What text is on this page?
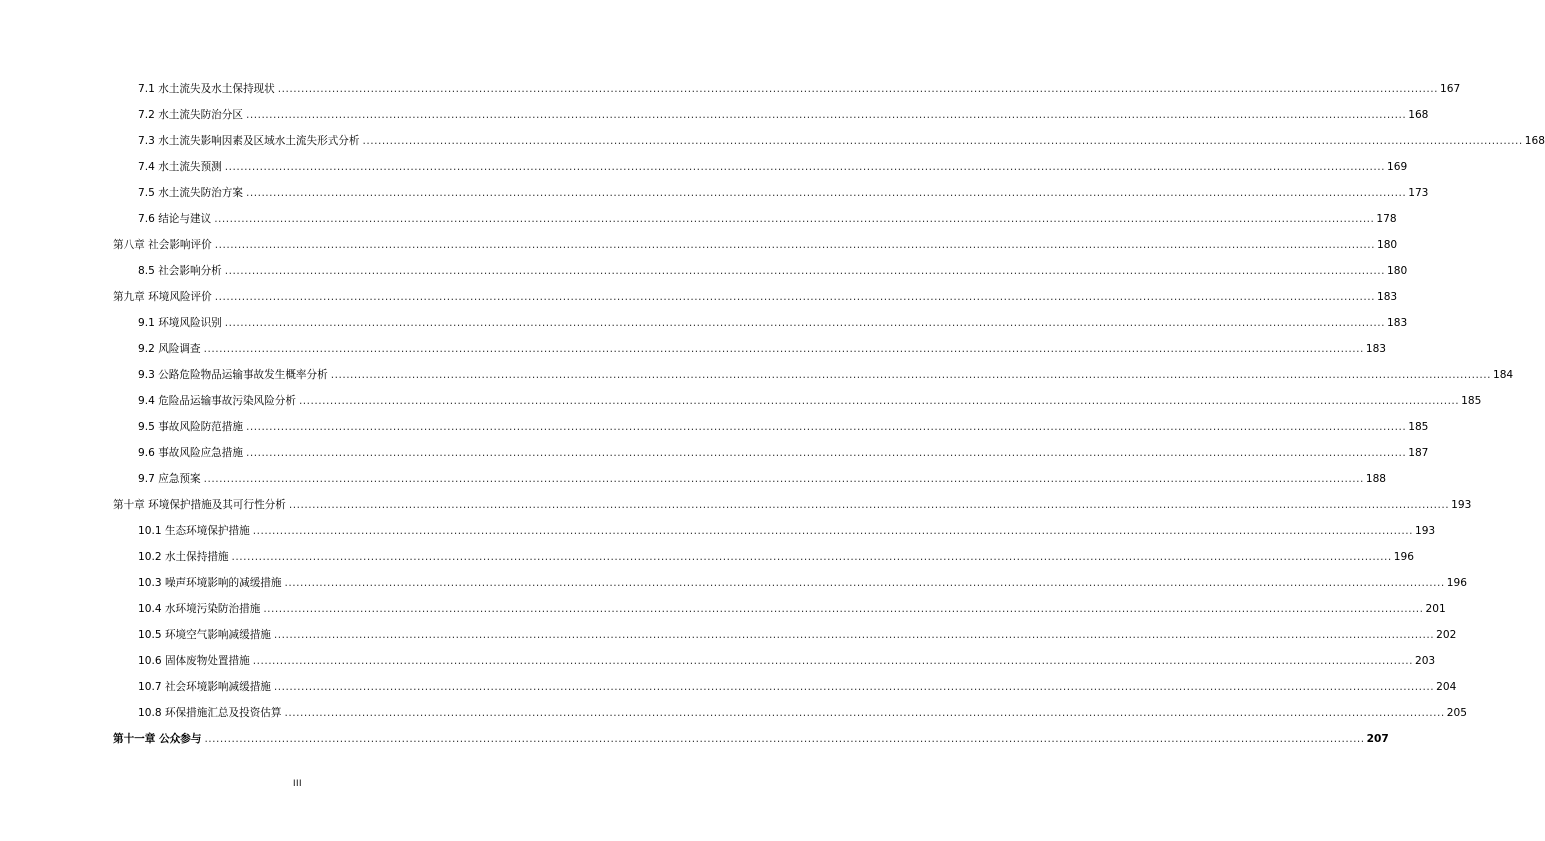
7.1 水土流失及水土保持现状 ............................................................................................................................................................................................................................................................................................................ 167
7.2 水土流失防治分区 ............................................................................................................................................................................................................................................................................................................ 168
7.3 水土流失影响因素及区域水土流失形式分析 ............................................................................................................................................................................................................................................................................................................ 168
7.4 水土流失预测 ............................................................................................................................................................................................................................................................................................................ 169
7.5 水土流失防治方案 ............................................................................................................................................................................................................................................................................................................ 173
7.6 结论与建议 ............................................................................................................................................................................................................................................................................................................ 178
第八章 社会影响评价 ............................................................................................................................................................................................................................................................................................................ 180
8.5 社会影响分析 ............................................................................................................................................................................................................................................................................................................ 180
第九章 环境风险评价 ............................................................................................................................................................................................................................................................................................................ 183
9.1 环境风险识别 ............................................................................................................................................................................................................................................................................................................ 183
9.2 风险调查 ............................................................................................................................................................................................................................................................................................................ 183
9.3 公路危险物品运输事故发生概率分析 ............................................................................................................................................................................................................................................................................................................ 184
9.4 危险品运输事故污染风险分析 ............................................................................................................................................................................................................................................................................................................ 185
9.5 事故风险防范措施 ............................................................................................................................................................................................................................................................................................................ 185
9.6 事故风险应急措施 ............................................................................................................................................................................................................................................................................................................ 187
9.7 应急预案 ............................................................................................................................................................................................................................................................................................................ 188
第十章 环境保护措施及其可行性分析 ............................................................................................................................................................................................................................................................................................................ 193
10.1 生态环境保护措施 ............................................................................................................................................................................................................................................................................................................ 193
10.2 水土保持措施 ............................................................................................................................................................................................................................................................................................................ 196
10.3 噪声环境影响的减缓措施 ............................................................................................................................................................................................................................................................................................................ 196
10.4 水环境污染防治措施 ............................................................................................................................................................................................................................................................................................................ 201
10.5 环境空气影响减缓措施 ............................................................................................................................................................................................................................................................................................................ 202
10.6 固体废物处置措施 ............................................................................................................................................................................................................................................................................................................ 203
10.7 社会环境影响减缓措施 ............................................................................................................................................................................................................................................................................................................ 204
10.8 环保措施汇总及投资估算 ............................................................................................................................................................................................................................................................................................................ 205
第十一章 公众参与 ............................................................................................................................................................................................................................................................................................................ 207
III
